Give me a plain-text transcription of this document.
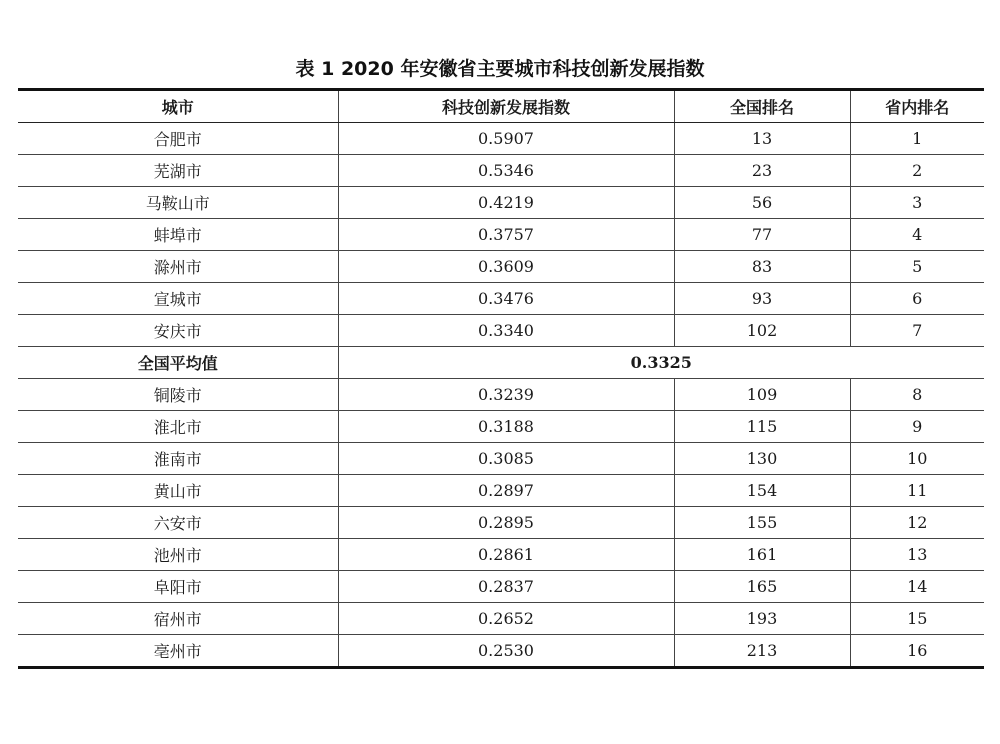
表 1 2020 年安徽省主要城市科技创新发展指数
城市	科技创新发展指数	全国排名	省内排名
合肥市	0.5907	13	1
芜湖市	0.5346	23	2
马鞍山市	0.4219	56	3
蚌埠市	0.3757	77	4
滁州市	0.3609	83	5
宣城市	0.3476	93	6
安庆市	0.3340	102	7
全国平均值	0.3325		
铜陵市	0.3239	109	8
淮北市	0.3188	115	9
淮南市	0.3085	130	10
黄山市	0.2897	154	11
六安市	0.2895	155	12
池州市	0.2861	161	13
阜阳市	0.2837	165	14
宿州市	0.2652	193	15
亳州市	0.2530	213	16
